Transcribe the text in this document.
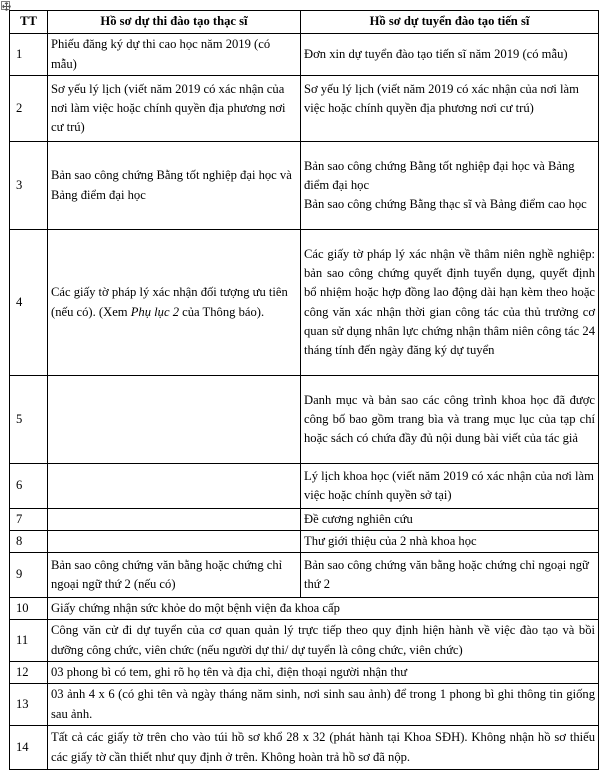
TT	Hồ sơ dự thi đào tạo thạc sĩ	Hồ sơ dự tuyển đào tạo tiến sĩ
1	Phiếu đăng ký dự thi cao học năm 2019 (có mẫu)	Đơn xin dự tuyển đào tạo tiến sĩ năm 2019 (có mẫu)
2	Sơ yếu lý lịch (viết năm 2019 có xác nhận của nơi làm việc hoặc chính quyền địa phương nơi cư trú)	Sơ yếu lý lịch (viết năm 2019 có xác nhận của nơi làm việc hoặc chính quyền địa phương nơi cư trú)
3	Bản sao công chứng Bằng tốt nghiệp đại học và Bảng điểm đại học	Bản sao công chứng Bằng tốt nghiệp đại học và Bảng điểm đại học
Bản sao công chứng Bằng thạc sĩ và Bảng điểm cao học

4	Các giấy tờ pháp lý xác nhận đối tượng ưu tiên (nếu có). (Xem Phụ lục 2 của Thông báo).	Các giấy tờ pháp lý xác nhận về thâm niên nghề nghiệp: bản sao công chứng quyết định tuyển dụng, quyết định bổ nhiệm hoặc hợp đồng lao động dài hạn kèm theo hoặc công văn xác nhận thời gian công tác của thủ trưởng cơ quan sử dụng nhân lực chứng nhận thâm niên công tác 24 tháng tính đến ngày đăng ký dự tuyển
5		Danh mục và bản sao các công trình khoa học đã được công bố bao gồm trang bìa và trang mục lục của tạp chí hoặc sách có chứa đầy đủ nội dung bài viết của tác giả
6		Lý lịch khoa học (viết năm 2019 có xác nhận của nơi làm việc hoặc chính quyền sở tại)
7		Đề cương nghiên cứu
8		Thư giới thiệu của 2 nhà khoa học
9	Bản sao công chứng văn bằng hoặc chứng chỉ ngoại ngữ thứ 2 (nếu có)	Bản sao công chứng văn bằng hoặc chứng chỉ ngoại ngữ thứ 2
10	Giấy chứng nhận sức khỏe do một bệnh viện đa khoa cấp	
11	Công văn cử đi dự tuyển của cơ quan quản lý trực tiếp theo quy định hiện hành về việc đào tạo và bồi dưỡng công chức, viên chức (nếu người dự thi/ dự tuyển là công chức, viên chức)	
12	03 phong bì có tem, ghi rõ họ tên và địa chỉ, điện thoại người nhận thư	
13	03 ảnh 4 x 6 (có ghi tên và ngày tháng năm sinh, nơi sinh sau ảnh) để trong 1 phong bì ghi thông tin giống sau ảnh.	
14	Tất cả các giấy tờ trên cho vào túi hồ sơ khổ 28 x 32 (phát hành tại Khoa SĐH). Không nhận hồ sơ thiếu các giấy tờ cần thiết như quy định ở trên. Không hoàn trả hồ sơ đã nộp.	
